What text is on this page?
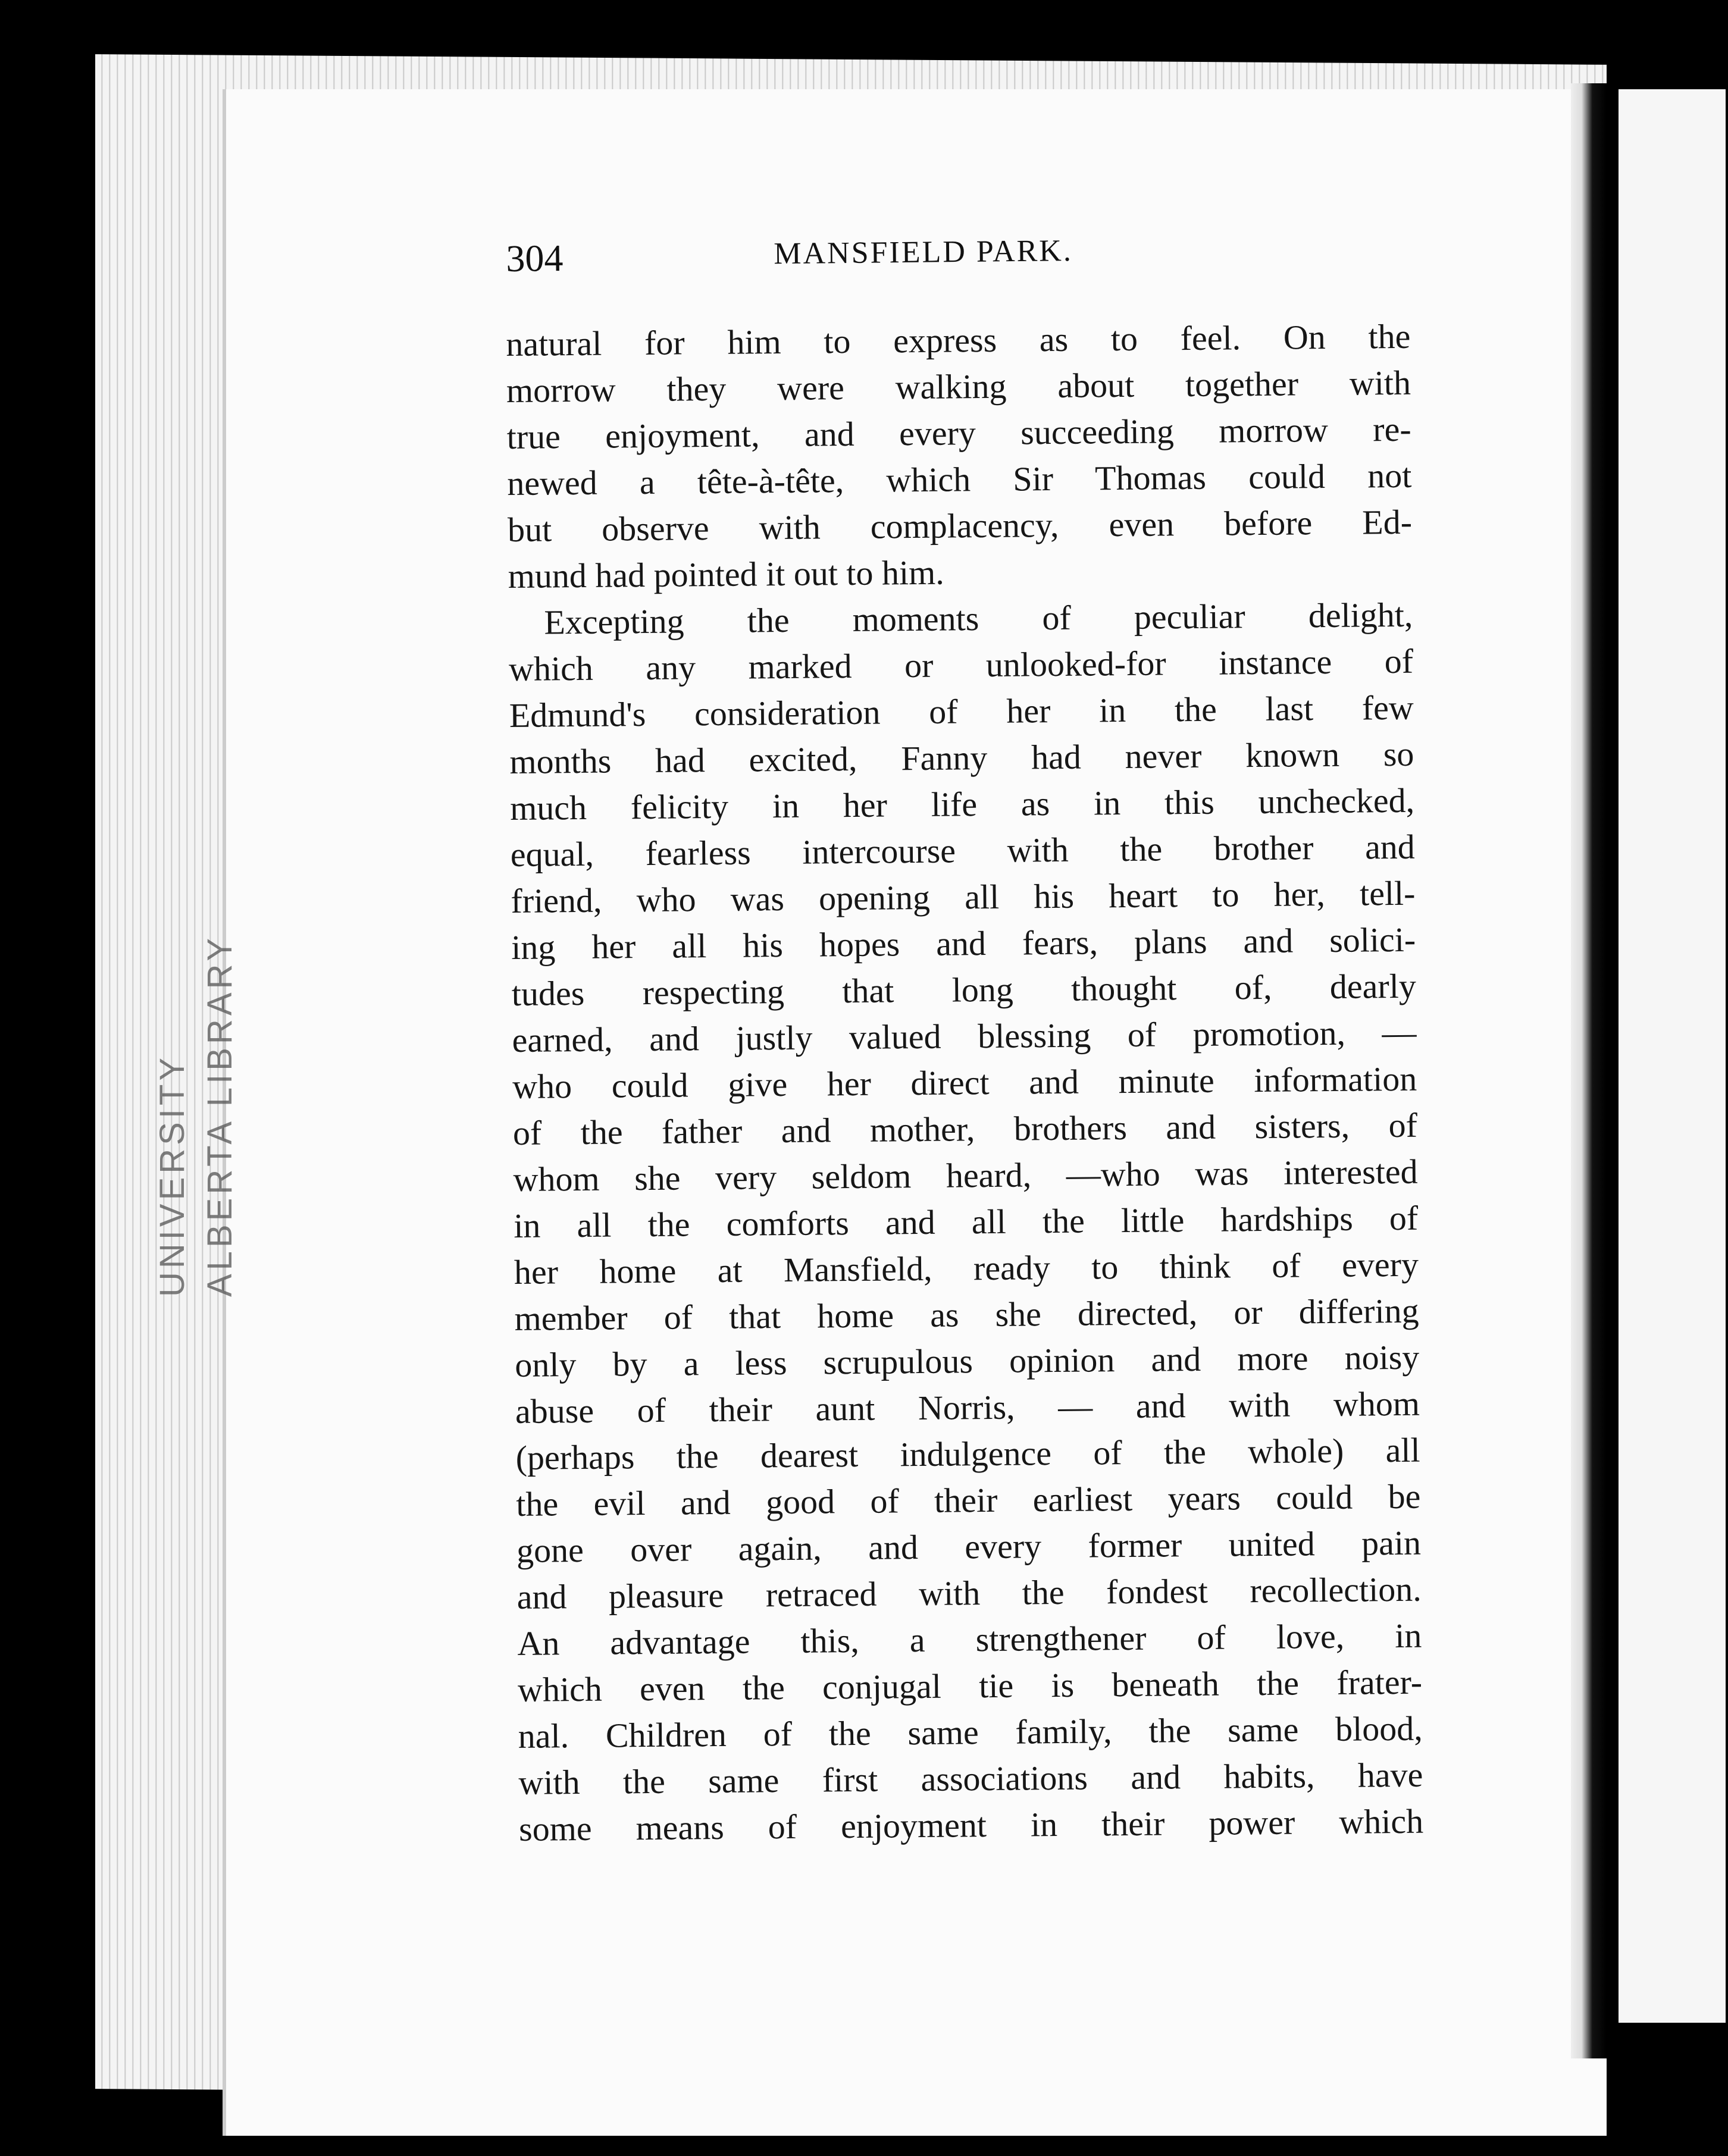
UNIVERSITY
ALBERTA LIBRARY
304	MANSFIELD PARK.
natural for him to express as to feel. On the
morrow they were walking about together with
true enjoyment, and every succeeding morrow re-
newed a tête-à-tête, which Sir Thomas could not
but observe with complacency, even before Ed-
mund had pointed it out to him.
Excepting the moments of peculiar delight,
which any marked or unlooked-for instance of
Edmund's consideration of her in the last few
months had excited, Fanny had never known so
much felicity in her life as in this unchecked,
equal, fearless intercourse with the brother and
friend, who was opening all his heart to her, tell-
ing her all his hopes and fears, plans and solici-
tudes respecting that long thought of, dearly
earned, and justly valued blessing of promotion, —
who could give her direct and minute information
of the father and mother, brothers and sisters, of
whom she very seldom heard, —who was interested
in all the comforts and all the little hardships of
her home at Mansfield, ready to think of every
member of that home as she directed, or differing
only by a less scrupulous opinion and more noisy
abuse of their aunt Norris, — and with whom
(perhaps the dearest indulgence of the whole) all
the evil and good of their earliest years could be
gone over again, and every former united pain
and pleasure retraced with the fondest recollection.
An advantage this, a strengthener of love, in
which even the conjugal tie is beneath the frater-
nal. Children of the same family, the same blood,
with the same first associations and habits, have
some means of enjoyment in their power which
